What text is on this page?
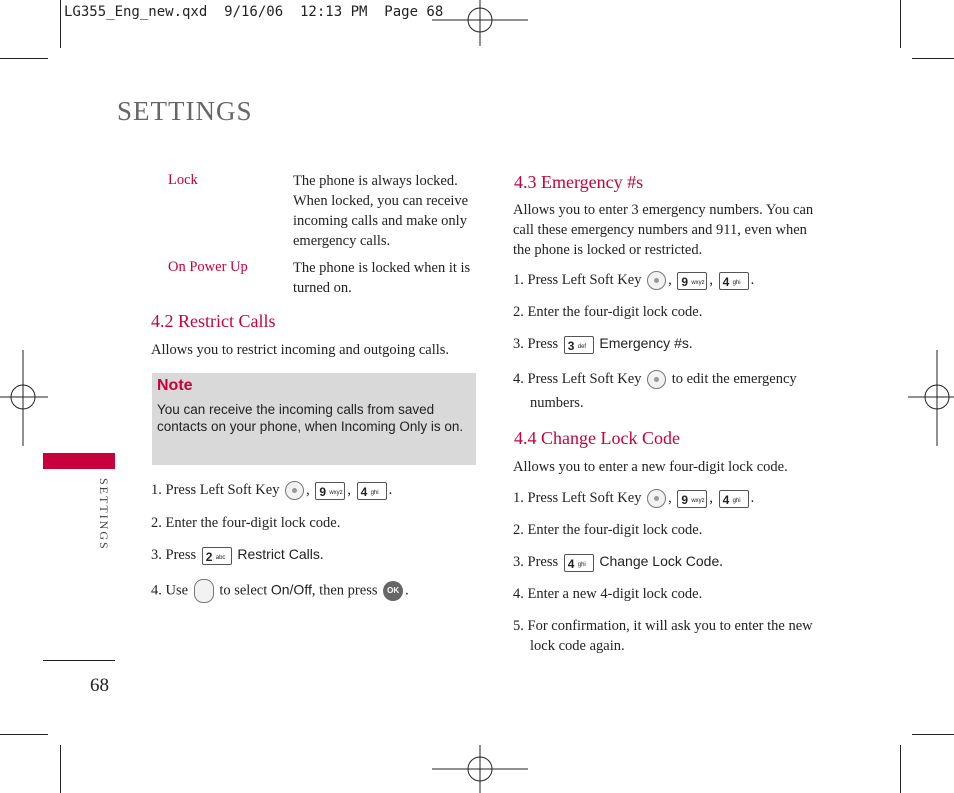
LG355_Eng_new.qxd  9/16/06  12:13 PM  Page 68
SETTINGS
SETTINGS
68
Lock	The phone is always locked.
When locked, you can receive
incoming calls and make only
emergency calls.
On Power Up	The phone is locked when it is
turned on.
4.2 Restrict Calls
Allows you to restrict incoming and outgoing calls.
Note
You can receive the incoming calls from saved contacts on your phone, when Incoming Only is on.
1. Press Left Soft Key , 9 wxyz , 4 ghi .
2. Enter the four-digit lock code.
3. Press 2 abc Restrict Calls.
4. Use to select On/Off, then press OK .
4.3 Emergency #s
Allows you to enter 3 emergency numbers. You can
call these emergency numbers and 911, even when
the phone is locked or restricted.
1. Press Left Soft Key , 9 wxyz , 4 ghi .
2. Enter the four-digit lock code.
3. Press 3 def Emergency #s.
4. Press Left Soft Key to edit the emergency
numbers.
4.4 Change Lock Code
Allows you to enter a new four-digit lock code.
1. Press Left Soft Key , 9 wxyz , 4 ghi .
2. Enter the four-digit lock code.
3. Press 4 ghi Change Lock Code.
4. Enter a new 4-digit lock code.
5. For confirmation, it will ask you to enter the new
lock code again.
